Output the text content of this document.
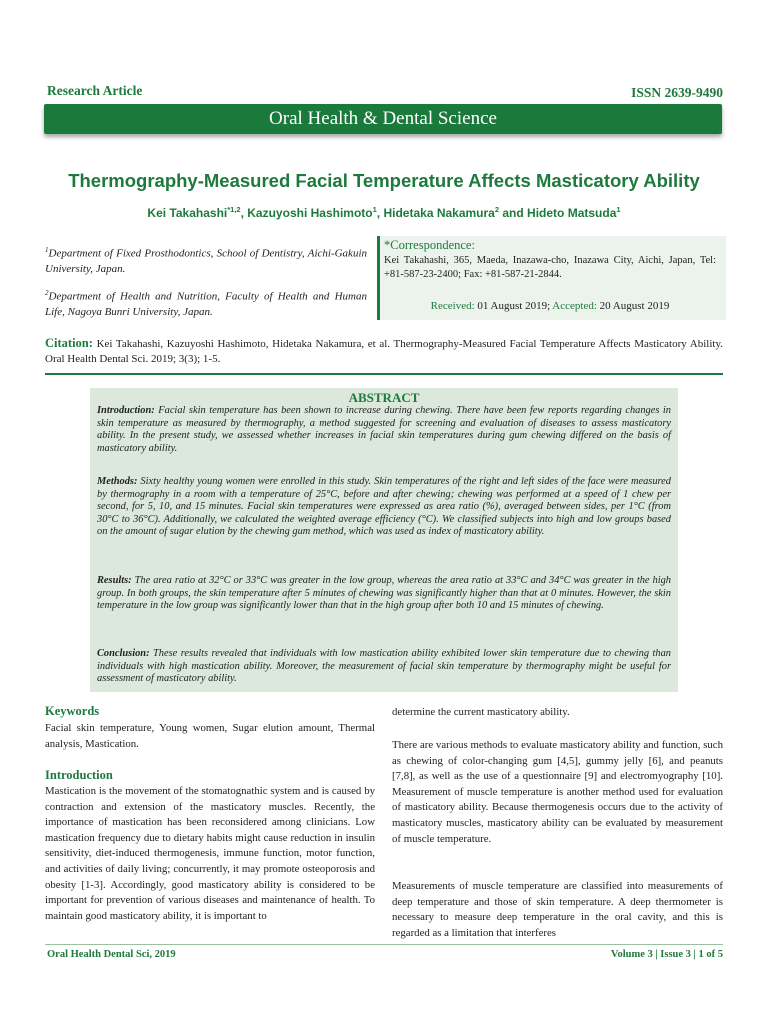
Research Article	ISSN 2639-9490
Oral Health & Dental Science
Thermography-Measured Facial Temperature Affects Masticatory Ability
Kei Takahashi$^{*1,2}$, Kazuyoshi Hashimoto$^1$, Hidetaka Nakamura$^2$ and Hideto Matsuda$^1$
$^1$Department of Fixed Prosthodontics, School of Dentistry, Aichi-Gakuin University, Japan.
$^2$Department of Health and Nutrition, Faculty of Health and Human Life, Nagoya Bunri University, Japan.
*Correspondence:
Kei Takahashi, 365, Maeda, Inazawa-cho, Inazawa City, Aichi, Japan, Tel: +81-587-23-2400; Fax: +81-587-21-2844.
Received: 01 August 2019; Accepted: 20 August 2019
Citation: Kei Takahashi, Kazuyoshi Hashimoto, Hidetaka Nakamura, et al. Thermography-Measured Facial Temperature Affects Masticatory Ability. Oral Health Dental Sci. 2019; 3(3); 1-5.
ABSTRACT
Introduction: Facial skin temperature has been shown to increase during chewing. There have been few reports regarding changes in skin temperature as measured by thermography, a method suggested for screening and evaluation of diseases to assess masticatory ability. In the present study, we assessed whether increases in facial skin temperatures during gum chewing differed on the basis of masticatory ability.
Methods: Sixty healthy young women were enrolled in this study. Skin temperatures of the right and left sides of the face were measured by thermography in a room with a temperature of 25°C, before and after chewing; chewing was performed at a speed of 1 chew per second, for 5, 10, and 15 minutes. Facial skin temperatures were expressed as area ratio (%), averaged between sides, per 1°C (from 30°C to 36°C). Additionally, we calculated the weighted average efficiency (°C). We classified subjects into high and low groups based on the amount of sugar elution by the chewing gum method, which was used as index of masticatory ability.
Results: The area ratio at 32°C or 33°C was greater in the low group, whereas the area ratio at 33°C and 34°C was greater in the high group. In both groups, the skin temperature after 5 minutes of chewing was significantly higher than that at 0 minutes. However, the skin temperature in the low group was significantly lower than that in the high group after both 10 and 15 minutes of chewing.
Conclusion: These results revealed that individuals with low mastication ability exhibited lower skin temperature due to chewing than individuals with high mastication ability. Moreover, the measurement of facial skin temperature by thermography might be useful for assessment of masticatory ability.
Keywords
Facial skin temperature, Young women, Sugar elution amount, Thermal analysis, Mastication.
Introduction
Mastication is the movement of the stomatognathic system and is caused by contraction and extension of the masticatory muscles. Recently, the importance of mastication has been reconsidered among clinicians. Low mastication frequency due to dietary habits might cause reduction in insulin sensitivity, diet-induced thermogenesis, immune function, motor function, and activities of daily living; concurrently, it may promote osteoporosis and obesity [1-3]. Accordingly, good masticatory ability is considered to be important for prevention of various diseases and maintenance of health. To maintain good masticatory ability, it is important to
determine the current masticatory ability.
There are various methods to evaluate masticatory ability and function, such as chewing of color-changing gum [4,5], gummy jelly [6], and peanuts [7,8], as well as the use of a questionnaire [9] and electromyography [10]. Measurement of muscle temperature is another method used for evaluation of masticatory ability. Because thermogenesis occurs due to the activity of masticatory muscles, masticatory ability can be evaluated by measurement of muscle temperature.
Measurements of muscle temperature are classified into measurements of deep temperature and those of skin temperature. A deep thermometer is necessary to measure deep temperature in the oral cavity, and this is regarded as a limitation that interferes
Oral Health Dental Sci, 2019	Volume 3 | Issue 3 | 1 of 5
